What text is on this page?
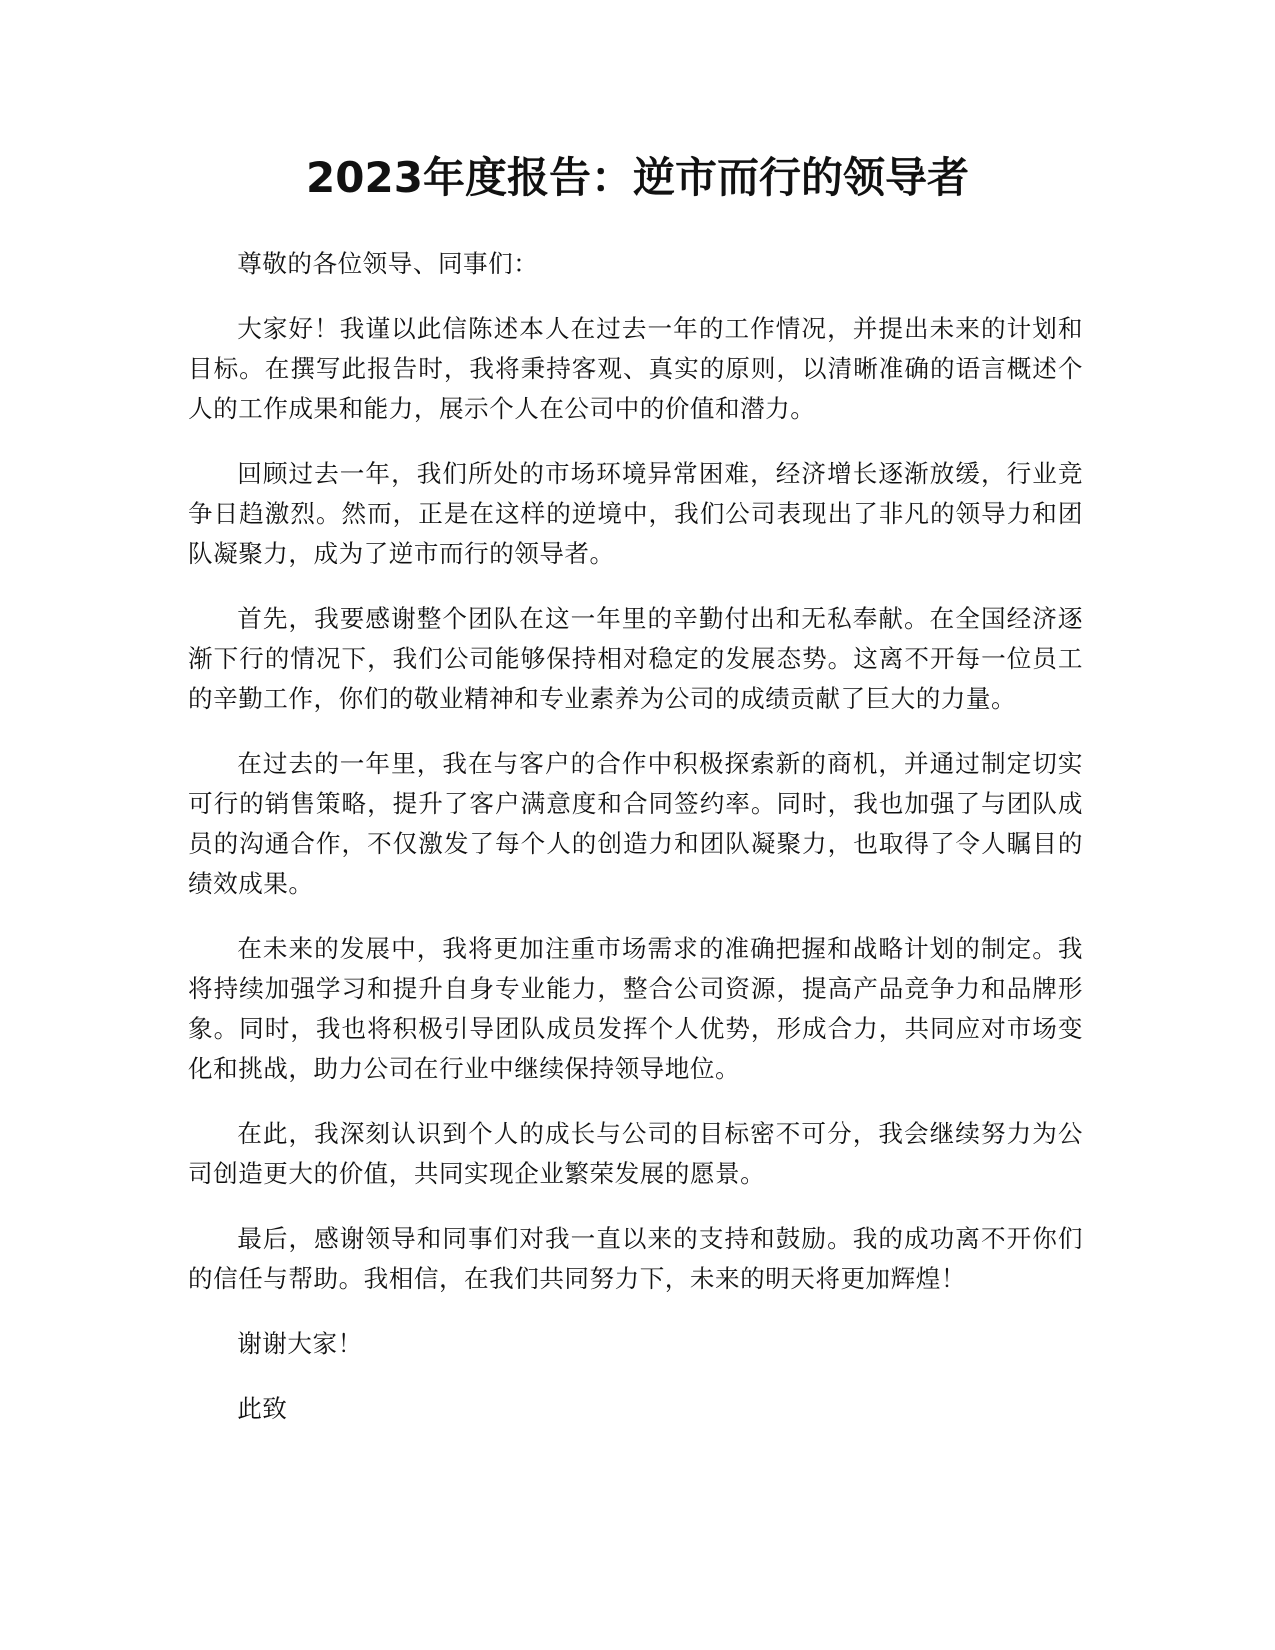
2023年度报告：逆市而行的领导者

尊敬的各位领导、同事们：

大家好！我谨以此信陈述本人在过去一年的工作情况，并提出未来的计划和目标。在撰写此报告时，我将秉持客观、真实的原则，以清晰准确的语言概述个人的工作成果和能力，展示个人在公司中的价值和潜力。

回顾过去一年，我们所处的市场环境异常困难，经济增长逐渐放缓，行业竞争日趋激烈。然而，正是在这样的逆境中，我们公司表现出了非凡的领导力和团队凝聚力，成为了逆市而行的领导者。

首先，我要感谢整个团队在这一年里的辛勤付出和无私奉献。在全国经济逐渐下行的情况下，我们公司能够保持相对稳定的发展态势。这离不开每一位员工的辛勤工作，你们的敬业精神和专业素养为公司的成绩贡献了巨大的力量。

在过去的一年里，我在与客户的合作中积极探索新的商机，并通过制定切实可行的销售策略，提升了客户满意度和合同签约率。同时，我也加强了与团队成员的沟通合作，不仅激发了每个人的创造力和团队凝聚力，也取得了令人瞩目的绩效成果。

在未来的发展中，我将更加注重市场需求的准确把握和战略计划的制定。我将持续加强学习和提升自身专业能力，整合公司资源，提高产品竞争力和品牌形象。同时，我也将积极引导团队成员发挥个人优势，形成合力，共同应对市场变化和挑战，助力公司在行业中继续保持领导地位。

在此，我深刻认识到个人的成长与公司的目标密不可分，我会继续努力为公司创造更大的价值，共同实现企业繁荣发展的愿景。

最后，感谢领导和同事们对我一直以来的支持和鼓励。我的成功离不开你们的信任与帮助。我相信，在我们共同努力下，未来的明天将更加辉煌！

谢谢大家！

此致
